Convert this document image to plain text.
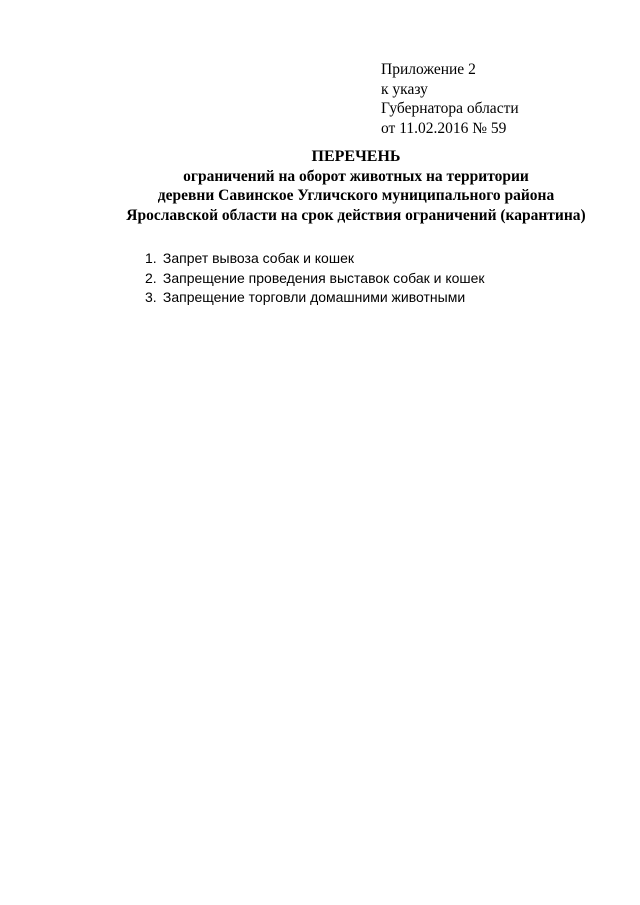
Приложение 2
к указу
Губернатора области
от 11.02.2016 № 59
ПЕРЕЧЕНЬ
ограничений на оборот животных на территории
деревни Савинское Угличского муниципального района
Ярославской области на срок действия ограничений (карантина)
1. Запрет вывоза собак и кошек
2. Запрещение проведения выставок собак и кошек
3. Запрещение торговли домашними животными
